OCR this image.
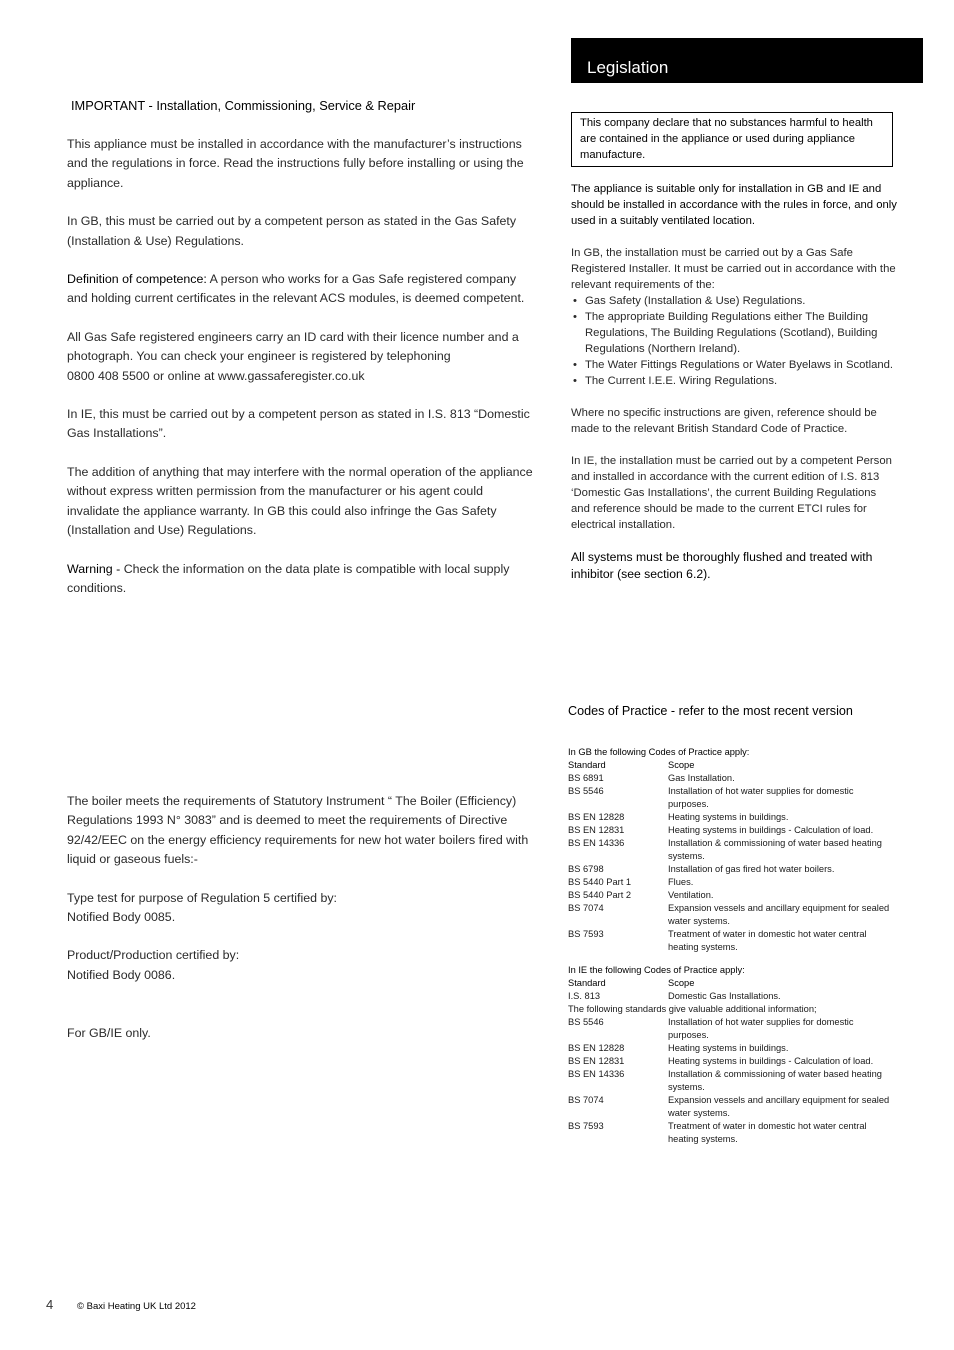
Legislation
IMPORTANT - Installation, Commissioning, Service & Repair

This appliance must be installed in accordance with the manufacturer’s instructions and the regulations in force. Read the instructions fully before installing or using the appliance.

In GB, this must be carried out by a competent person as stated in the Gas Safety (Installation & Use) Regulations.

Definition of competence: A person who works for a Gas Safe registered company and holding current certificates in the relevant ACS modules, is deemed competent.

All Gas Safe registered engineers carry an ID card with their licence number and a photograph. You can check your engineer is registered by telephoning
0800 408 5500 or online at www.gassaferegister.co.uk

In IE, this must be carried out by a competent person as stated in I.S. 813 “Domestic Gas Installations”.

The addition of anything that may interfere with the normal operation of the appliance without express written permission from the manufacturer or his agent could invalidate the appliance warranty. In GB this could also infringe the Gas Safety (Installation and Use) Regulations.

Warning - Check the information on the data plate is compatible with local supply conditions.

The boiler meets the requirements of Statutory Instrument “ The Boiler (Efficiency) Regulations 1993 N° 3083” and is deemed to meet the requirements of Directive 92/42/EEC on the energy efficiency requirements for new hot water boilers fired with liquid or gaseous fuels:-

Type test for purpose of Regulation 5 certified by:
Notified Body 0085.

Product/Production certified by:
Notified Body 0086.

For GB/IE only.

This company declare that no substances harmful to health are contained in the appliance or used during appliance manufacture.

The appliance is suitable only for installation in GB and IE and should be installed in accordance with the rules in force, and only used in a suitably ventilated location.

In GB, the installation must be carried out by a Gas Safe Registered Installer. It must be carried out in accordance with the relevant requirements of the:

• Gas Safety (Installation & Use) Regulations.
• The appropriate Building Regulations either The Building Regulations, The Building Regulations (Scotland), Building Regulations (Northern Ireland).
• The Water Fittings Regulations or Water Byelaws in Scotland.
• The Current I.E.E. Wiring Regulations.

Where no specific instructions are given, reference should be made to the relevant British Standard Code of Practice.

In IE, the installation must be carried out by a competent Person and installed in accordance with the current edition of I.S. 813 ‘Domestic Gas Installations’, the current Building Regulations and reference should be made to the current ETCI rules for electrical installation.

All systems must be thoroughly flushed and treated with inhibitor (see section 6.2).

Codes of Practice - refer to the most recent version
In GB the following Codes of Practice apply:
Standard	Scope
BS 6891	Gas Installation.
BS 5546	Installation of hot water supplies for domestic purposes.
BS EN 12828	Heating systems in buildings.
BS EN 12831	Heating systems in buildings - Calculation of load.
BS EN 14336	Installation & commissioning of water based heating systems.
BS 6798	Installation of gas fired hot water boilers.
BS 5440 Part 1	Flues.
BS 5440 Part 2	Ventilation.
BS 7074	Expansion vessels and ancillary equipment for sealed water systems.
BS 7593	Treatment of water in domestic hot water central heating systems.
In IE the following Codes of Practice apply:
Standard	Scope
I.S. 813	Domestic Gas Installations.
The following standards give valuable additional information;
BS 5546	Installation of hot water supplies for domestic purposes.
BS EN 12828	Heating systems in buildings.
BS EN 12831	Heating systems in buildings - Calculation of load.
BS EN 14336	Installation & commissioning of water based heating systems.
BS 7074	Expansion vessels and ancillary equipment for sealed water systems.
BS 7593	Treatment of water in domestic hot water central heating systems.
4	© Baxi Heating UK Ltd 2012
